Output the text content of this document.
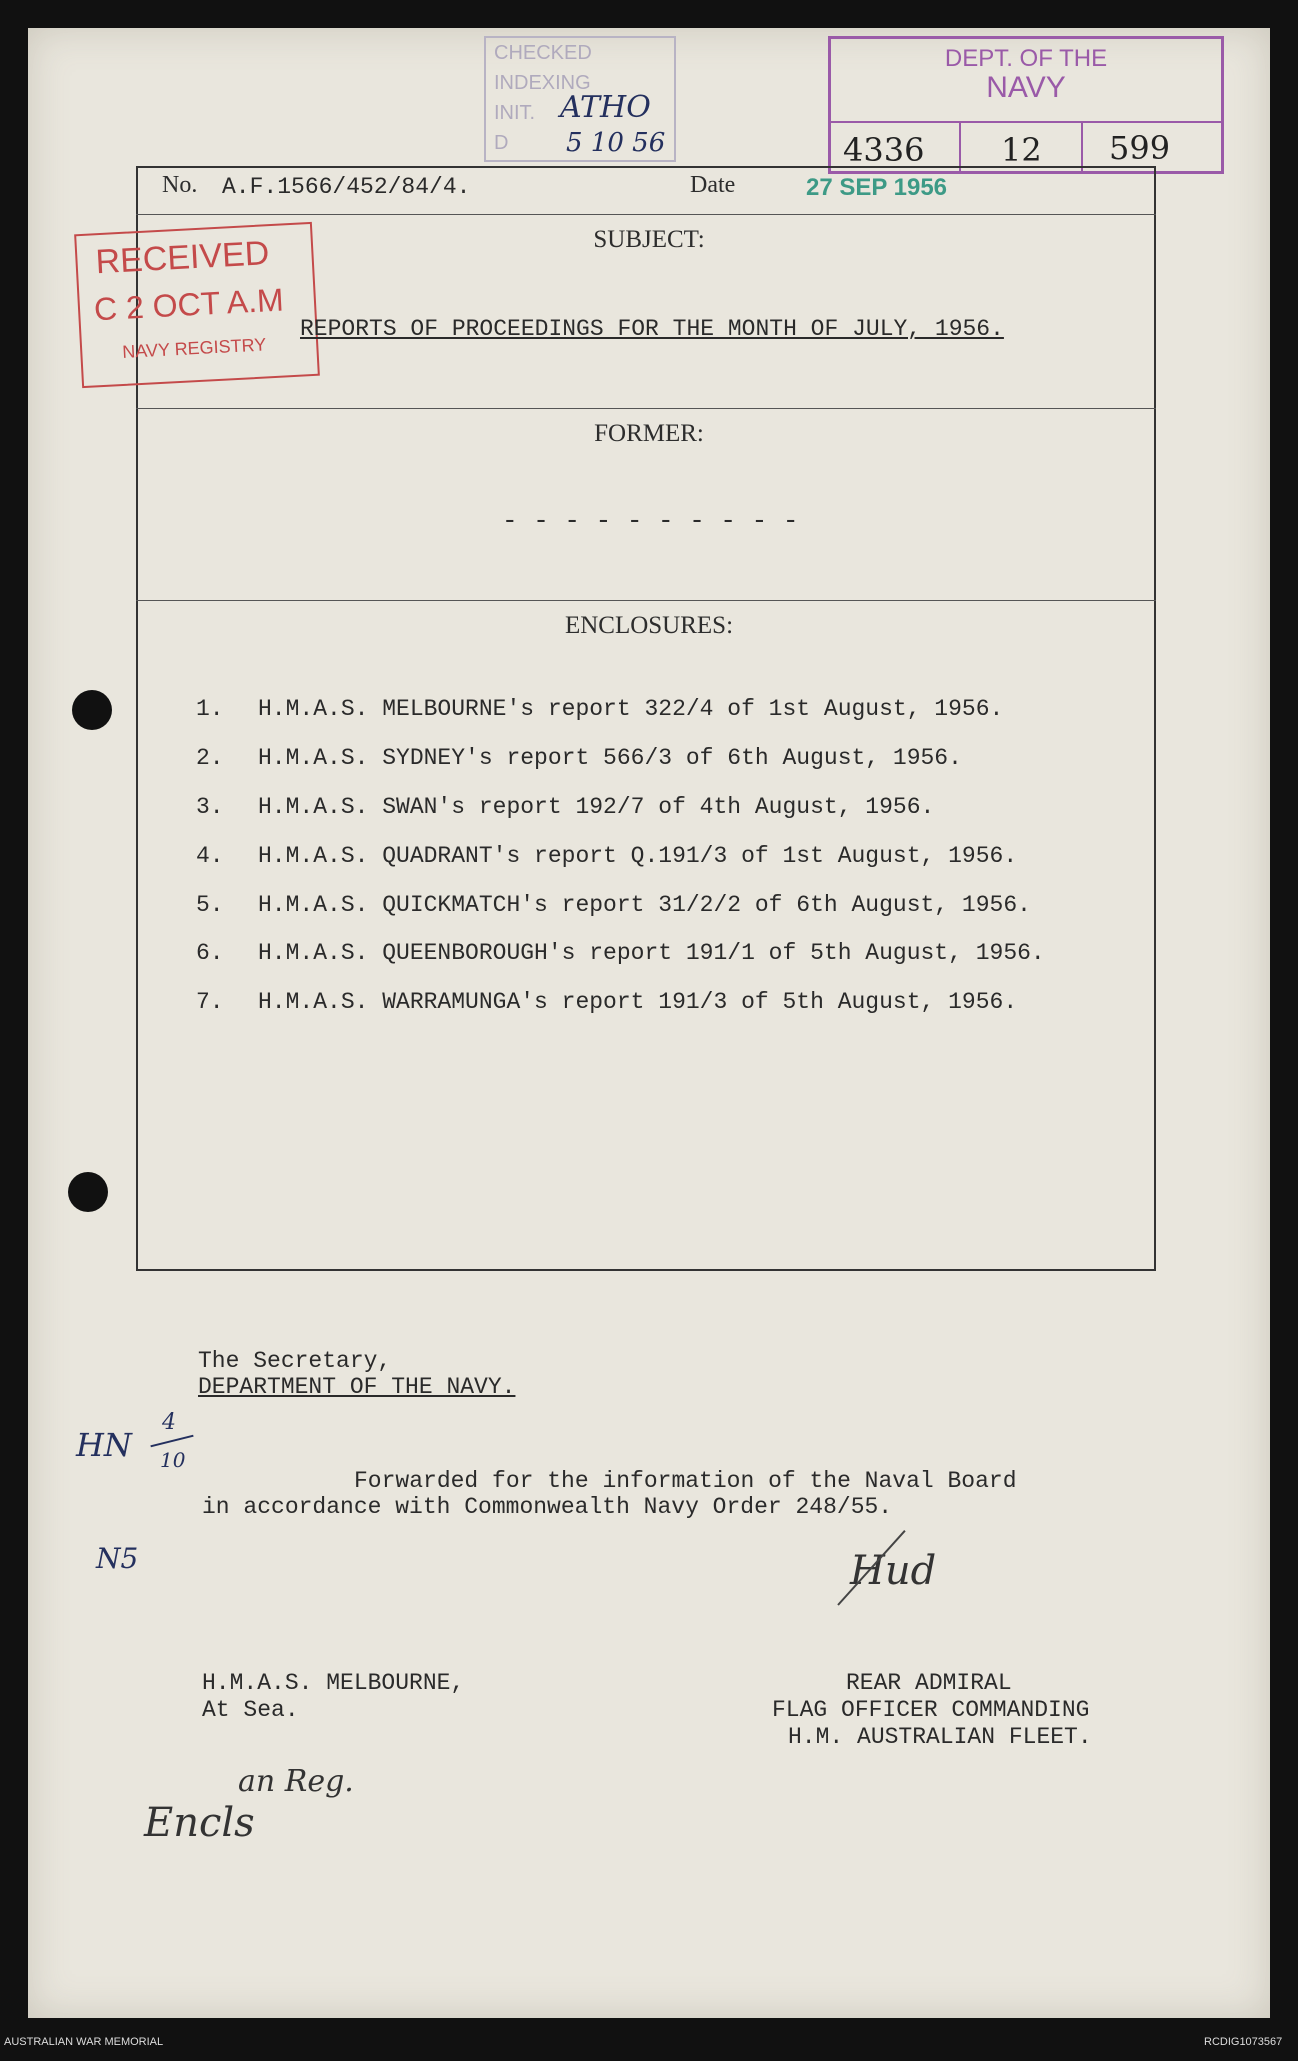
CHECKED
INDEXING
INIT.
D
ATHO
5 10 56
DEPT. OF THE
NAVY
4336 12 599
No. A.F.1566/452/84/4.	Date	27 SEP 1956
RECEIVED
C 2 OCT A.M
NAVY REGISTRY
SUBJECT:
REPORTS OF PROCEEDINGS FOR THE MONTH OF JULY, 1956.
FORMER:
- - - - - - - - - -
ENCLOSURES:
1. H.M.A.S. MELBOURNE's report 322/4 of 1st August, 1956.
2. H.M.A.S. SYDNEY's report 566/3 of 6th August, 1956.
3. H.M.A.S. SWAN's report 192/7 of 4th August, 1956.
4. H.M.A.S. QUADRANT's report Q.191/3 of 1st August, 1956.
5. H.M.A.S. QUICKMATCH's report 31/2/2 of 6th August, 1956.
6. H.M.A.S. QUEENBOROUGH's report 191/1 of 5th August, 1956.
7. H.M.A.S. WARRAMUNGA's report 191/3 of 5th August, 1956.
The Secretary,
DEPARTMENT OF THE NAVY.
HN
4
10
Forwarded for the information of the Naval Board
in accordance with Commonwealth Navy Order 248/55.
N5	Hud
H.M.A.S. MELBOURNE,
At Sea.
REAR ADMIRAL
FLAG OFFICER COMMANDING
H.M. AUSTRALIAN FLEET.
an Reg.
Encls
AUSTRALIAN WAR MEMORIAL	RCDIG1073567
